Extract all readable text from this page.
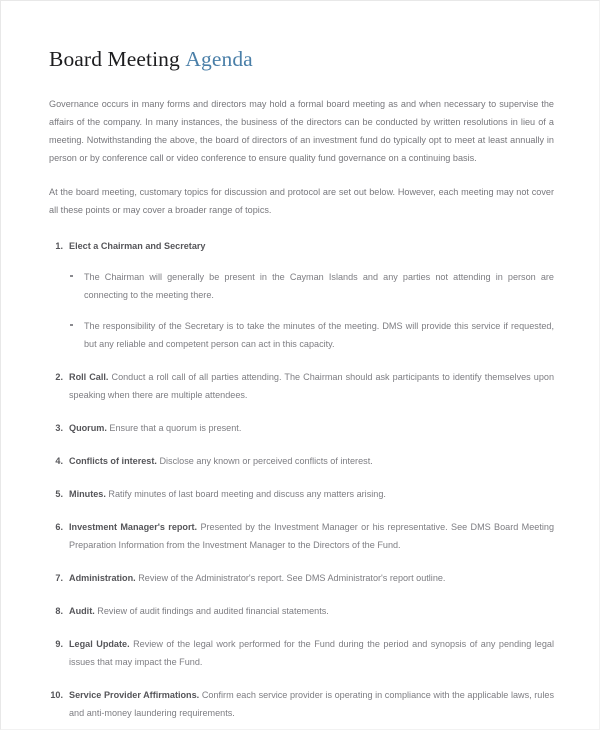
Board Meeting Agenda

Governance occurs in many forms and directors may hold a formal board meeting as and when necessary to supervise the affairs of the company. In many instances, the business of the directors can be conducted by written resolutions in lieu of a meeting. Notwithstanding the above, the board of directors of an investment fund do typically opt to meet at least annually in person or by conference call or video conference to ensure quality fund governance on a continuing basis.

At the board meeting, customary topics for discussion and protocol are set out below. However, each meeting may not cover all these points or may cover a broader range of topics.

1. Elect a Chairman and Secretary
The Chairman will generally be present in the Cayman Islands and any parties not attending in person are connecting to the meeting there.
The responsibility of the Secretary is to take the minutes of the meeting. DMS will provide this service if requested, but any reliable and competent person can act in this capacity.
2. Roll Call. Conduct a roll call of all parties attending. The Chairman should ask participants to identify themselves upon speaking when there are multiple attendees.
3. Quorum. Ensure that a quorum is present.
4. Conflicts of interest. Disclose any known or perceived conflicts of interest.
5. Minutes. Ratify minutes of last board meeting and discuss any matters arising.
6. Investment Manager's report. Presented by the Investment Manager or his representative. See DMS Board Meeting Preparation Information from the Investment Manager to the Directors of the Fund.
7. Administration. Review of the Administrator's report. See DMS Administrator's report outline.
8. Audit. Review of audit findings and audited financial statements.
9. Legal Update. Review of the legal work performed for the Fund during the period and synopsis of any pending legal issues that may impact the Fund.
10. Service Provider Affirmations. Confirm each service provider is operating in compliance with the applicable laws, rules and anti-money laundering requirements.
